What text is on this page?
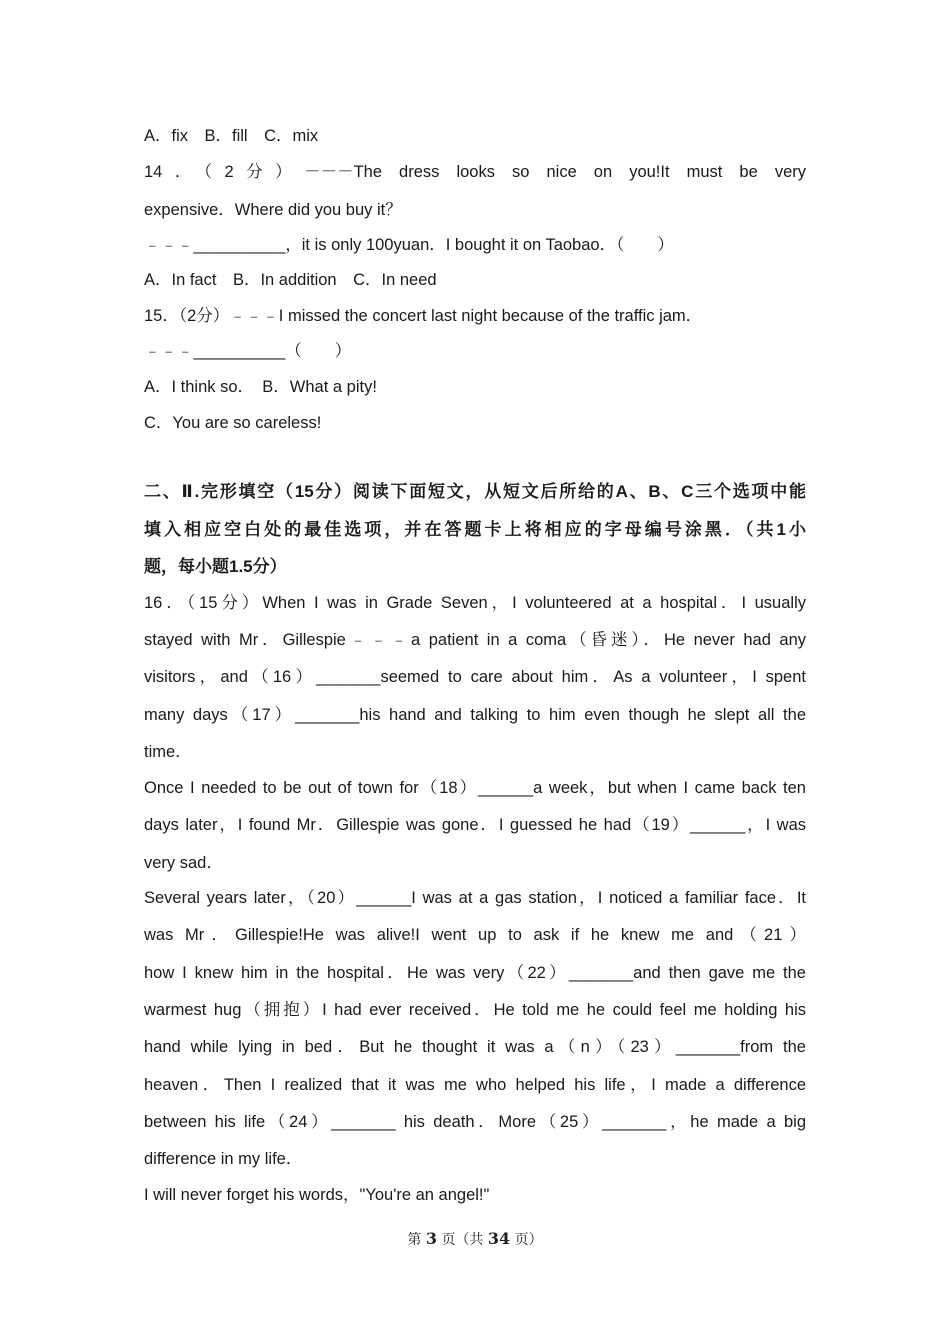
A．fix　B．fill　C．mix
14．（2分）－－－The dress looks so nice on you!It must be very
expensive．Where did you buy it？
﹣﹣﹣__________，it is only 100yuan．I bought it on Taobao．（　　）
A．In fact　B．In addition　C．In need
15．（2分）﹣﹣﹣I missed the concert last night because of the traffic jam．
﹣﹣﹣__________（　　）
A．I think so．　B．What a pity!
C．You are so careless!
二、Ⅱ.完形填空（15分）阅读下面短文，从短文后所给的A、B、C三个选项中能
填入相应空白处的最佳选项，并在答题卡上将相应的字母编号涂黑．（共1小
题，每小题1.5分）
16．（15分）When I was in Grade Seven，I volunteered at a hospital．I usually
stayed with Mr．Gillespie﹣﹣﹣a patient in a coma（昏迷）．He never had any
visitors，and（16）_______seemed to care about him．As a volunteer，I spent
many days（17）_______his hand and talking to him even though he slept all the
time．
Once I needed to be out of town for（18）______a week，but when I came back ten
days later，I found Mr．Gillespie was gone．I guessed he had（19）______，I was
very sad．
Several years later，（20）______I was at a gas station，I noticed a familiar face．It
was Mr．Gillespie!He was alive!I went up to ask if he knew me and（21）
how I knew him in the hospital．He was very（22）_______and then gave me the
warmest hug（拥抱）I had ever received．He told me he could feel me holding his
hand while lying in bed．But he thought it was a（n）（23）_______from the
heaven．Then I realized that it was me who helped his life，I made a difference
between his life（24）_______ his death．More（25）_______，he made a big
difference in my life．
I will never forget his words，"You're an angel!"
第 3 页（共 34 页）
